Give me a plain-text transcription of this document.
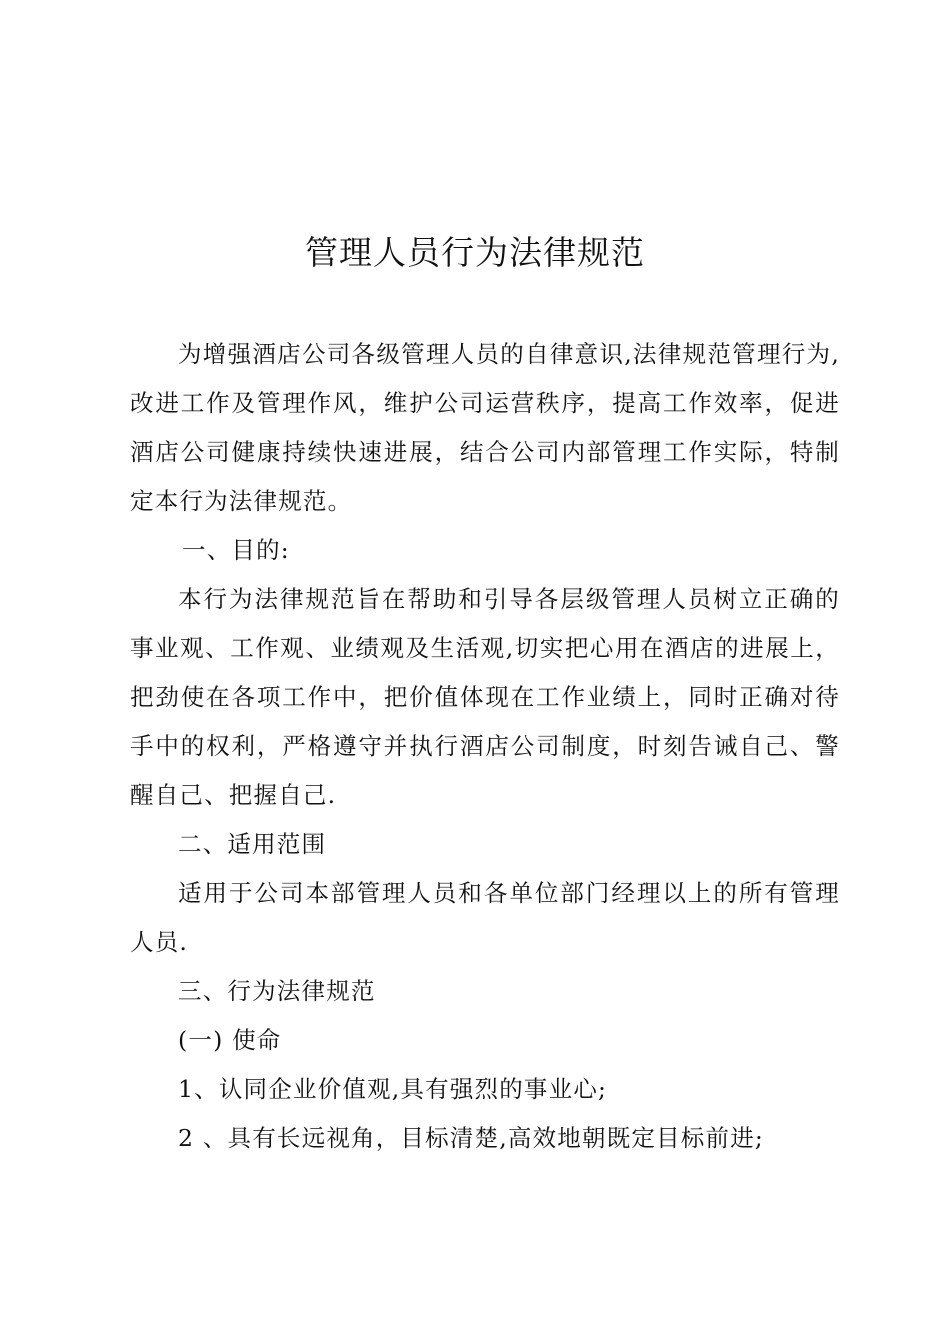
管理人员行为法律规范

为增强酒店公司各级管理人员的自律意识,法律规范管理行为,改进工作及管理作风，维护公司运营秩序，提高工作效率，促进酒店公司健康持续快速进展，结合公司内部管理工作实际，特制定本行为法律规范。

一、目的:

本行为法律规范旨在帮助和引导各层级管理人员树立正确的事业观、工作观、业绩观及生活观,切实把心用在酒店的进展上，把劲使在各项工作中，把价值体现在工作业绩上，同时正确对待手中的权利，严格遵守并执行酒店公司制度，时刻告诫自己、警醒自己、把握自己.

二、适用范围

适用于公司本部管理人员和各单位部门经理以上的所有管理人员.

三、行为法律规范

(一) 使命

1、认同企业价值观,具有强烈的事业心;

2 、具有长远视角，目标清楚,高效地朝既定目标前进;
